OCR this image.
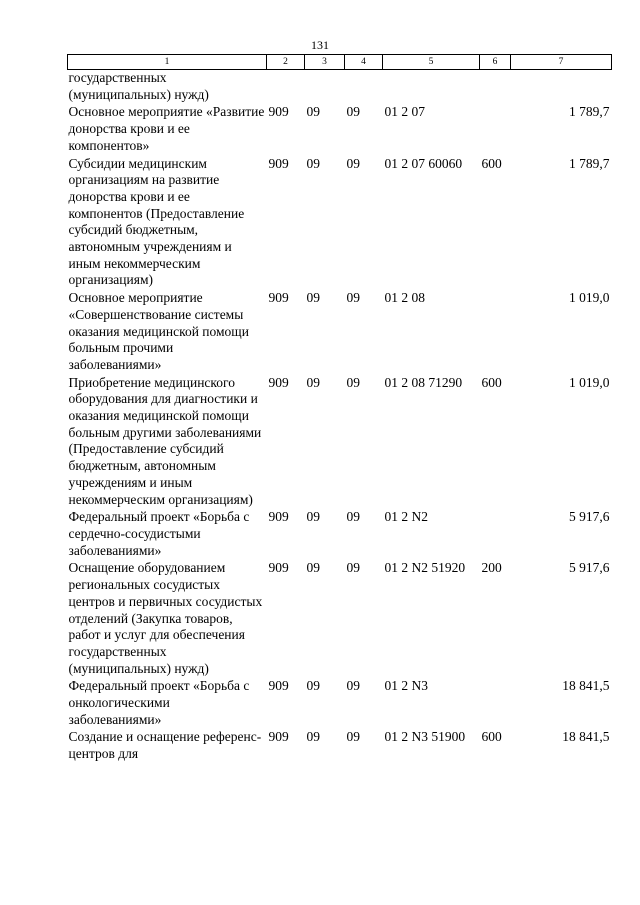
131
1	2	3	4	5	6	7
государственных (муниципальных) нужд)						
Основное мероприятие «Развитие донорства крови и ее компонентов»	909	09	09	01 2 07		1 789,7
Субсидии медицинским организациям на развитие донорства крови и ее компонентов (Предоставление субсидий бюджетным, автономным учреждениям и иным некоммерческим организациям)	909	09	09	01 2 07 60060	600	1 789,7
Основное мероприятие «Совершенствование системы оказания медицинской помощи больным прочими заболеваниями»	909	09	09	01 2 08		1 019,0
Приобретение медицинского оборудования для диагностики и оказания медицинской помощи больным другими заболеваниями (Предоставление субсидий бюджетным, автономным учреждениям и иным некоммерческим организациям)	909	09	09	01 2 08 71290	600	1 019,0
Федеральный проект «Борьба с сердечно-сосудистыми заболеваниями»	909	09	09	01 2 N2		5 917,6
Оснащение оборудованием региональных сосудистых центров и первичных сосудистых отделений (Закупка товаров, работ и услуг для обеспечения государственных (муниципальных) нужд)	909	09	09	01 2 N2 51920	200	5 917,6
Федеральный проект «Борьба с онкологическими заболеваниями»	909	09	09	01 2 N3		18 841,5
Создание и оснащение референс-центров для	909	09	09	01 2 N3 51900	600	18 841,5
